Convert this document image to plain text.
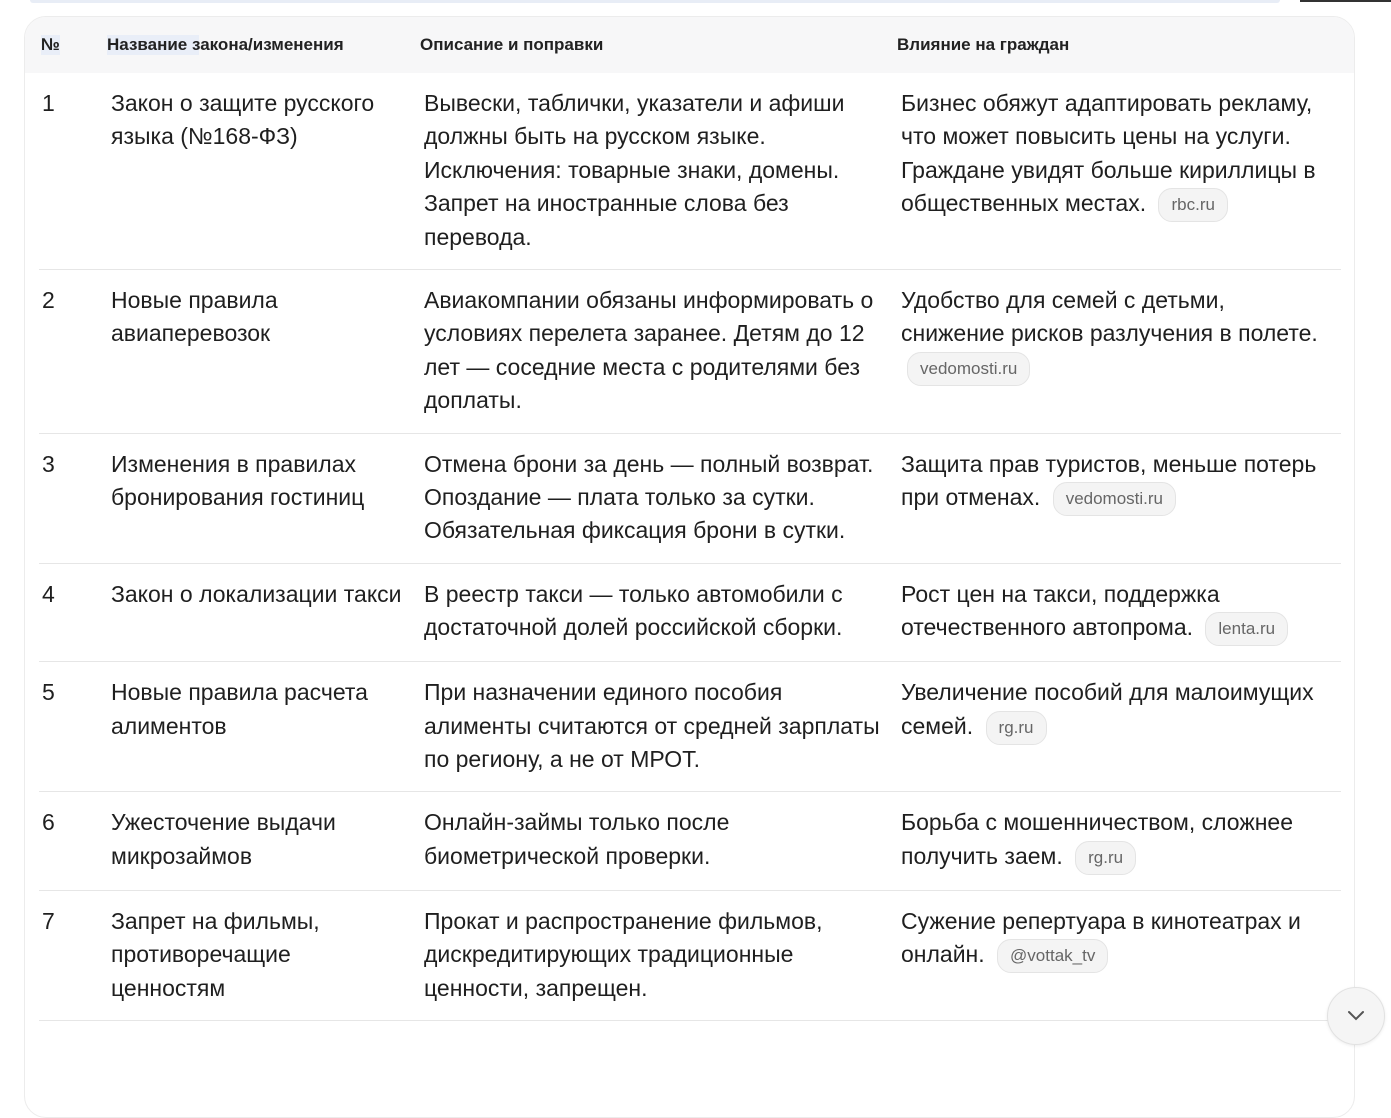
№	Название закона/изменения	Описание и поправки	Влияние на граждан
1	Закон о защите русского языка (№168-ФЗ)	Вывески, таблички, указатели и афиши должны быть на русском языке. Исключения: товарные знаки, домены. Запрет на иностранные слова без перевода.	Бизнес обяжут адаптировать рекламу, что может повысить цены на услуги. Граждане увидят больше кириллицы в общественных местах. rbc.ru
2	Новые правила авиаперевозок	Авиакомпании обязаны информировать о условиях перелета заранее. Детям до 12 лет — соседние места с родителями без доплаты.	Удобство для семей с детьми, снижение рисков разлучения в полете. vedomosti.ru
3	Изменения в правилах бронирования гостиниц	Отмена брони за день — полный возврат. Опоздание — плата только за сутки. Обязательная фиксация брони в сутки.	Защита прав туристов, меньше потерь при отменах. vedomosti.ru
4	Закон о локализации такси	В реестр такси — только автомобили с достаточной долей российской сборки.	Рост цен на такси, поддержка отечественного автопрома. lenta.ru
5	Новые правила расчета алиментов	При назначении единого пособия алименты считаются от средней зарплаты по региону, а не от МРОТ.	Увеличение пособий для малоимущих семей. rg.ru
6	Ужесточение выдачи микрозаймов	Онлайн-займы только после биометрической проверки.	Борьба с мошенничеством, сложнее получить заем. rg.ru
7	Запрет на фильмы, противоречащие ценностям	Прокат и распространение фильмов, дискредитирующих традиционные ценности, запрещен.	Сужение репертуара в кинотеатрах и онлайн. @vottak_tv
